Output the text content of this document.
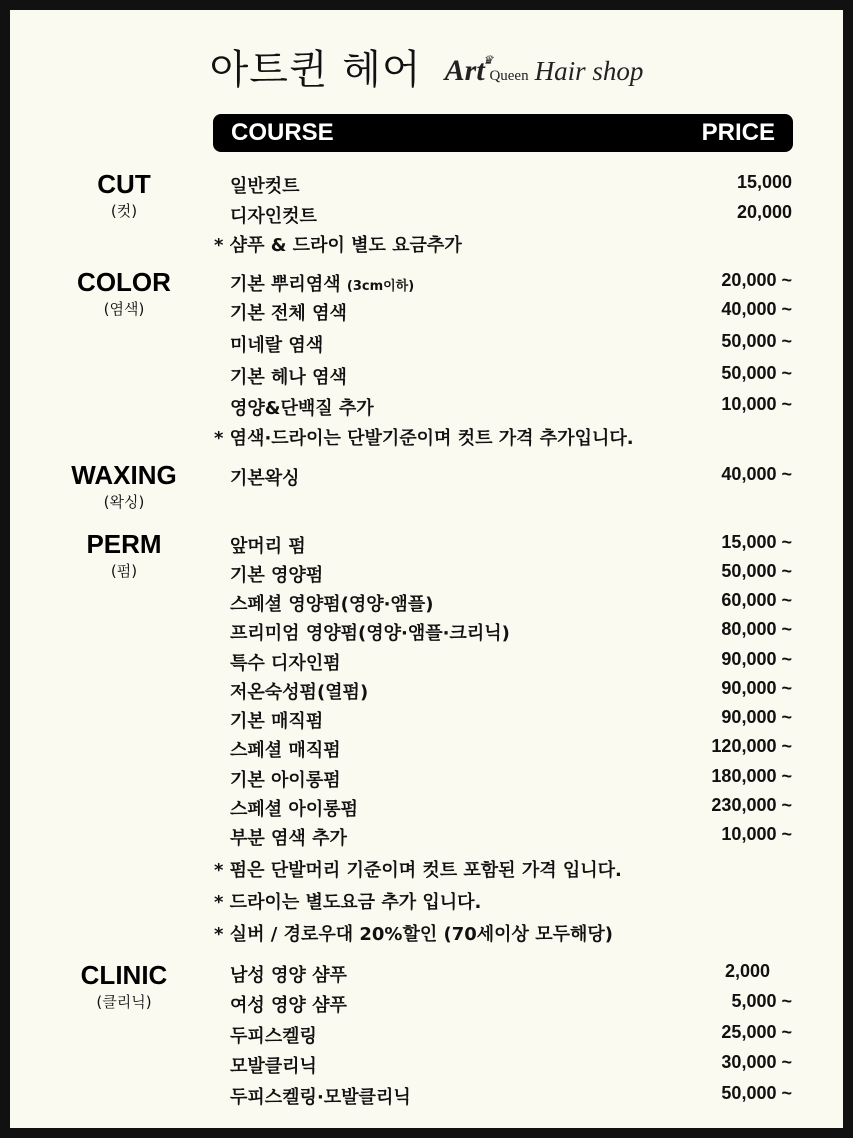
아트퀸 헤어 Art♛Queen Hair shop
COURSE	PRICE
CUT
(컷)
일반컷트	15,000
디자인컷트	20,000
* 샴푸 & 드라이 별도 요금추가
COLOR
(염색)
기본 뿌리염색 (3cm이하)	20,000 ~
기본 전체 염색	40,000 ~
미네랄 염색	50,000 ~
기본 헤나 염색	50,000 ~
영양&단백질 추가	10,000 ~
* 염색·드라이는 단발기준이며 컷트 가격 추가입니다.
WAXING
(왁싱)
기본왁싱	40,000 ~
PERM
(펌)
앞머리 펌	15,000 ~
기본 영양펌	50,000 ~
스페셜 영양펌(영양·앰플)	60,000 ~
프리미엄 영양펌(영양·앰플·크리닉)	80,000 ~
특수 디자인펌	90,000 ~
저온숙성펌(열펌)	90,000 ~
기본 매직펌	90,000 ~
스페셜 매직펌	120,000 ~
기본 아이롱펌	180,000 ~
스페셜 아이롱펌	230,000 ~
부분 염색 추가	10,000 ~
* 펌은 단발머리 기준이며 컷트 포함된 가격 입니다.
* 드라이는 별도요금 추가 입니다.
* 실버 / 경로우대 20%할인 (70세이상 모두해당)
CLINIC
(클리닉)
남성 영양 샴푸	2,000
여성 영양 샴푸	5,000 ~
두피스켈링	25,000 ~
모발클리닉	30,000 ~
두피스켈링·모발클리닉	50,000 ~
